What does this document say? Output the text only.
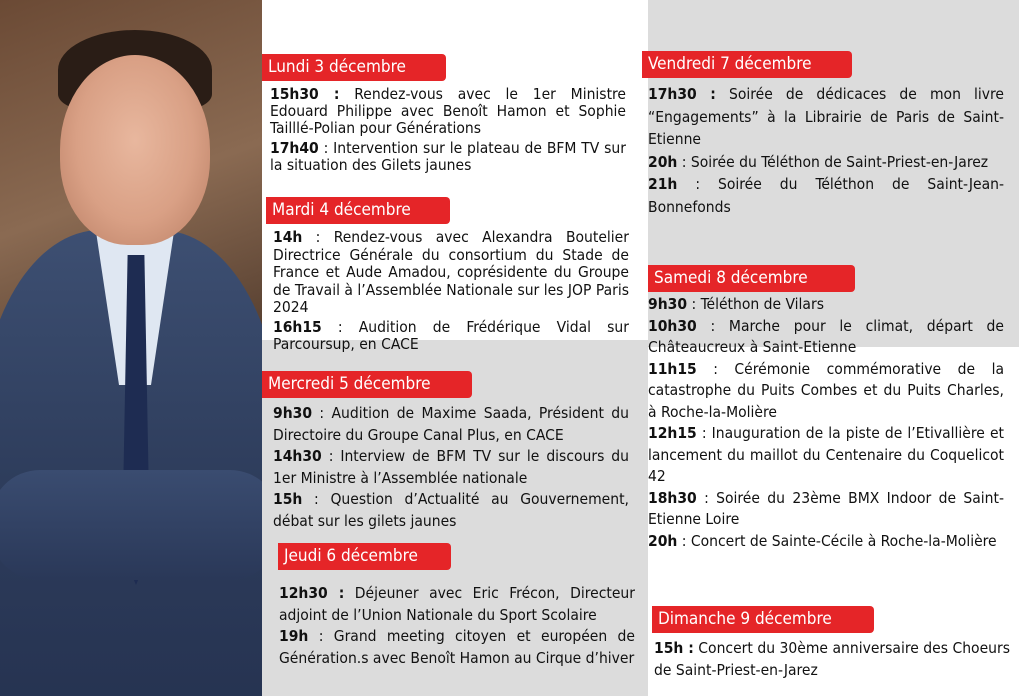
Lundi 3 décembre
15h30 : Rendez-vous avec le 1er Ministre Edouard Philippe avec Benoît Hamon et Sophie Tailllé-Polian pour Générations
17h40 : Intervention sur le plateau de BFM TV sur la situation des Gilets jaunes
Mardi 4 décembre
14h : Rendez-vous avec Alexandra Boutelier Directrice Générale du consortium du Stade de France et Aude Amadou, coprésidente du Groupe de Travail à l’Assemblée Nationale sur les JOP Paris 2024
16h15 : Audition de Frédérique Vidal sur Parcoursup, en CACE
Mercredi 5 décembre
9h30 : Audition de Maxime Saada, Président du Directoire du Groupe Canal Plus, en CACE
14h30 : Interview de BFM TV sur le discours du 1er Ministre à l’Assemblée nationale
15h : Question d’Actualité au Gouvernement, débat sur les gilets jaunes
Jeudi 6 décembre
12h30 : Déjeuner avec Eric Frécon, Directeur adjoint de l’Union Nationale du Sport Scolaire
19h : Grand meeting citoyen et européen de Génération.s avec Benoît Hamon au Cirque d’hiver
Vendredi 7 décembre
17h30 : Soirée de dédicaces de mon livre “Engagements” à la Librairie de Paris de Saint-Etienne
20h : Soirée du Téléthon de Saint-Priest-en-Jarez
21h : Soirée du Téléthon de Saint-Jean-Bonnefonds
Samedi 8 décembre
9h30 : Téléthon de Vilars
10h30 : Marche pour le climat, départ de Châteaucreux à Saint-Etienne
11h15 : Cérémonie commémorative de la catastrophe du Puits Combes et du Puits Charles, à Roche-la-Molière
12h15 : Inauguration de la piste de l’Etivallière et lancement du maillot du Centenaire du Coquelicot 42
18h30 : Soirée du 23ème BMX Indoor de Saint-Etienne Loire
20h : Concert de Sainte-Cécile à Roche-la-Molière
Dimanche 9 décembre
15h : Concert du 30ème anniversaire des Choeurs de Saint-Priest-en-Jarez
